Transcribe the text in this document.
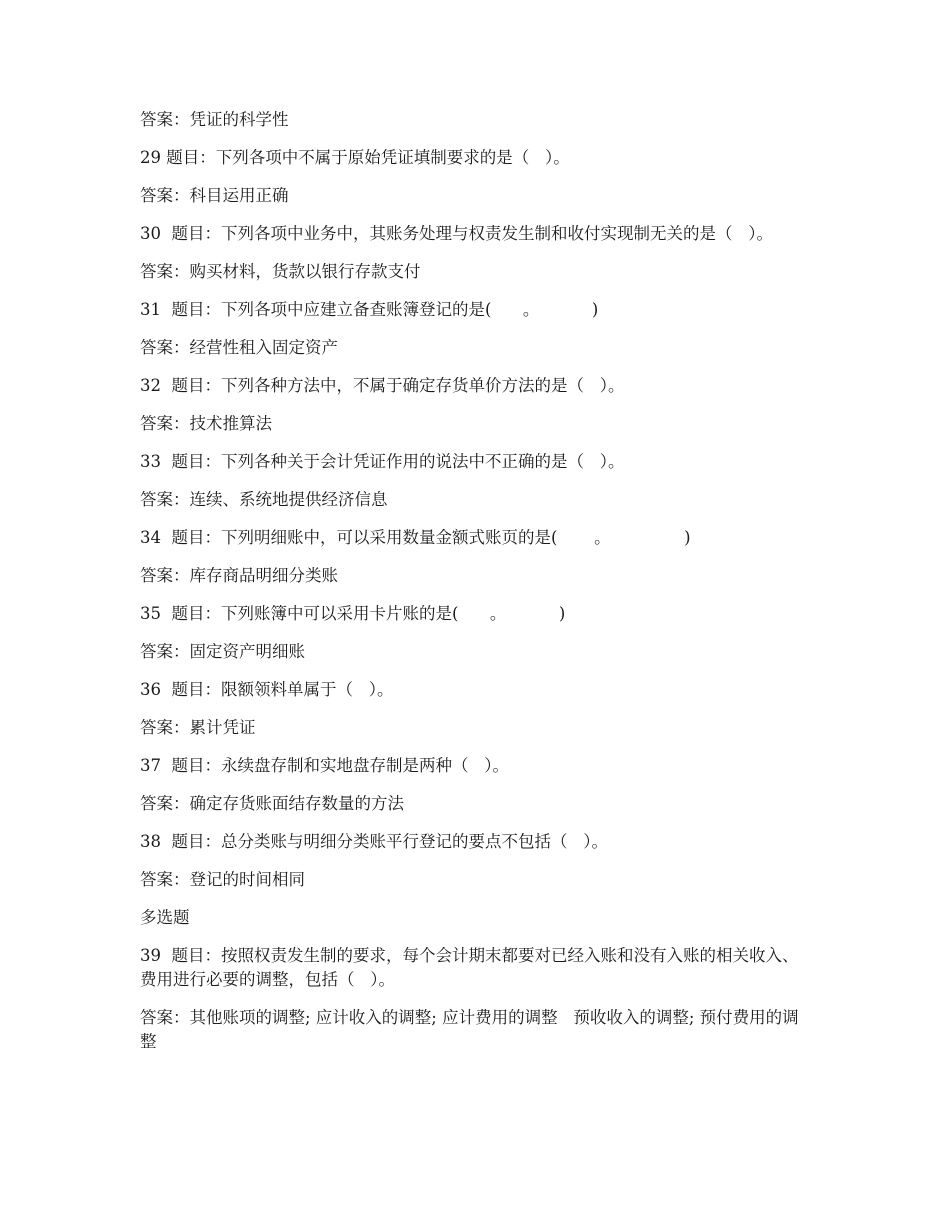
答案：凭证的科学性

29 题目：下列各项中不属于原始凭证填制要求的是（   ）。

答案：科目运用正确

30  题目：下列各项中业务中，其账务处理与权责发生制和收付实现制无关的是（   ）。

答案：购买材料，货款以银行存款支付

31  题目：下列各项中应建立备查账簿登记的是(      。          )

答案：经营性租入固定资产

32  题目：下列各种方法中，不属于确定存货单价方法的是（   ）。

答案：技术推算法

33  题目：下列各种关于会计凭证作用的说法中不正确的是（   ）。

答案：连续、系统地提供经济信息

34  题目：下列明细账中，可以采用数量金额式账页的是(       。              )

答案：库存商品明细分类账

35  题目：下列账簿中可以采用卡片账的是(      。          )

答案：固定资产明细账

36  题目：限额领料单属于（   ）。

答案：累计凭证

37  题目：永续盘存制和实地盘存制是两种（   ）。

答案：确定存货账面结存数量的方法

38  题目：总分类账与明细分类账平行登记的要点不包括（   ）。

答案：登记的时间相同

多选题

39  题目：按照权责发生制的要求，每个会计期末都要对已经入账和没有入账的相关收入、费用进行必要的调整，包括（   ）。

答案：其他账项的调整; 应计收入的调整; 应计费用的调整   预收收入的调整; 预付费用的调整
